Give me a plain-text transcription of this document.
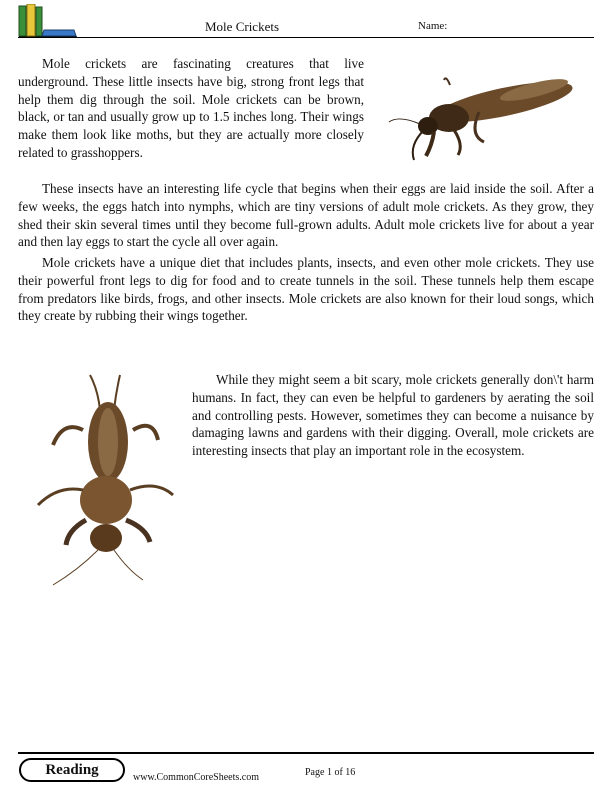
Mole Crickets	Name:

Mole crickets are fascinating creatures that live underground. These little insects have big, strong front legs that help them dig through the soil. Mole crickets can be brown, black, or tan and usually grow up to 1.5 inches long. Their wings make them look like moths, but they are actually more closely related to grasshoppers.

These insects have an interesting life cycle that begins when their eggs are laid inside the soil. After a few weeks, the eggs hatch into nymphs, which are tiny versions of adult mole crickets. As they grow, they shed their skin several times until they become full-grown adults. Adult mole crickets live for about a year and then lay eggs to start the cycle all over again.

Mole crickets have a unique diet that includes plants, insects, and even other mole crickets. They use their powerful front legs to dig for food and to create tunnels in the soil. These tunnels help them escape from predators like birds, frogs, and other insects. Mole crickets are also known for their loud songs, which they create by rubbing their wings together.

While they might seem a bit scary, mole crickets generally don\'t harm humans. In fact, they can even be helpful to gardeners by aerating the soil and controlling pests. However, sometimes they can become a nuisance by damaging lawns and gardens with their digging. Overall, mole crickets are interesting insects that play an important role in the ecosystem.

Reading	www.CommonCoreSheets.com	Page 1 of 16
